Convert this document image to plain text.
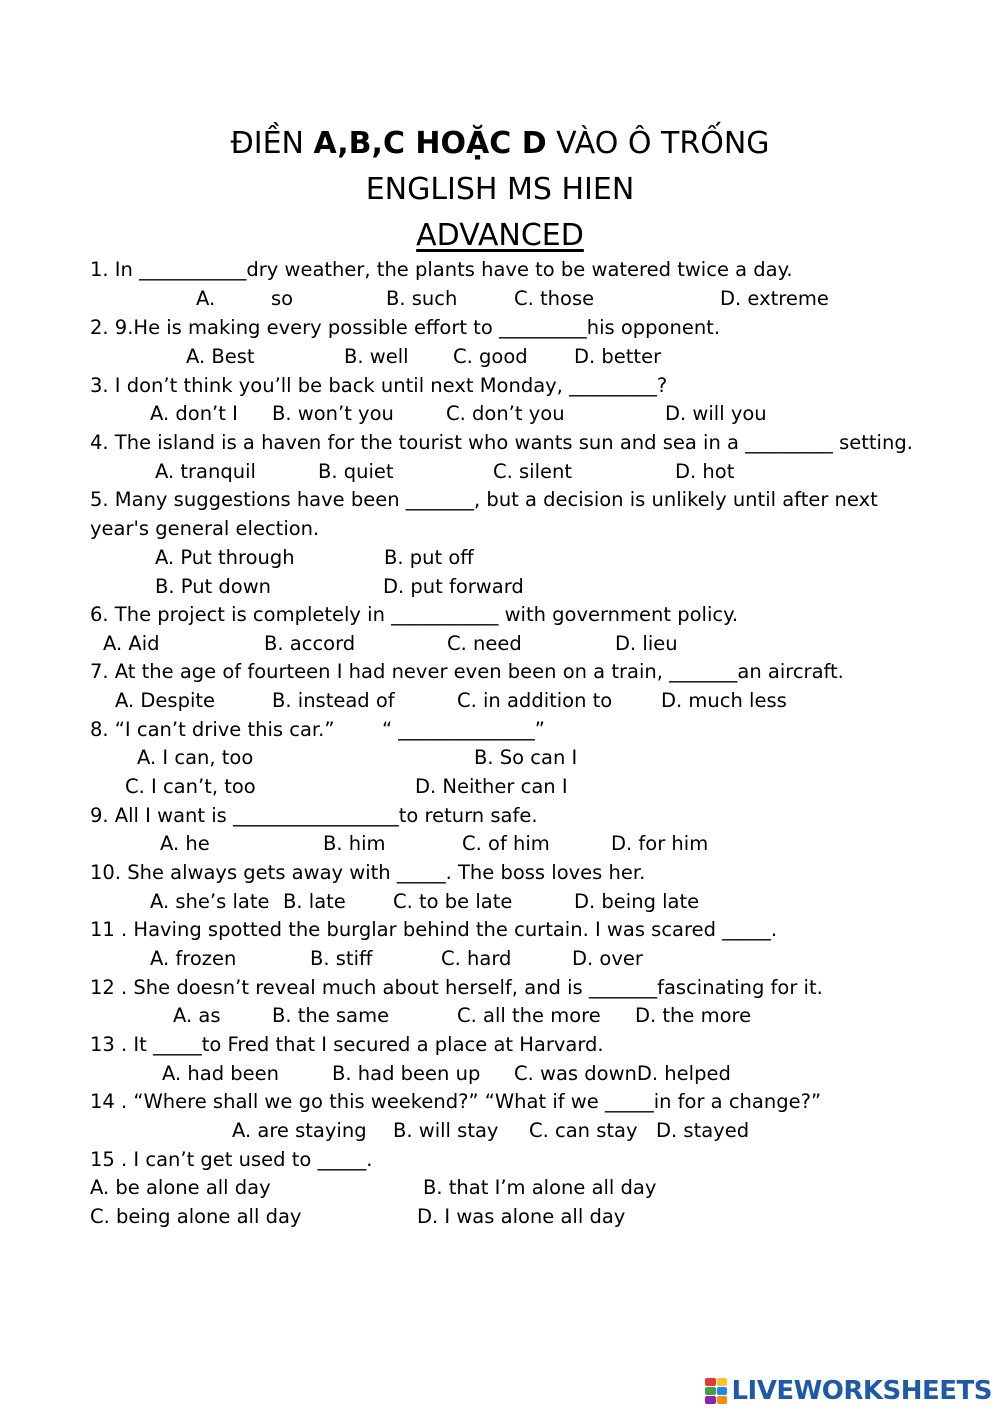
ĐIỀN A,B,C HOẶC D VÀO Ô TRỐNG
ENGLISH MS HIEN
ADVANCED
1. In ___________dry weather, the plants have to be watered twice a day.
A.	so	B. such	C. those	D. extreme
2. 9.He is making every possible effort to _________his opponent.
A. Best	B. well C. good D. better
3. I don’t think you’ll be back until next Monday, _________?
A. don’t I B. won’t you	C. don’t you	D. will you
4. The island is a haven for the tourist who wants sun and sea in a _________ setting.
A. tranquil	B. quiet	C. silent	D. hot
5. Many suggestions have been _______, but a decision is unlikely until after next
year's general election.
A. Put through	B. put off
B. Put down	D. put forward
6. The project is completely in ___________ with government policy.
A. Aid	B. accord	C. need	D. lieu
7. At the age of fourteen I had never even been on a train, _______an aircraft.
A. Despite	B. instead of	C. in addition to	D. much less
8. “I can’t drive this car.” “ ______________”
A. I can, too	B. So can I
C. I can’t, too	D. Neither can I
9. All I want is _________________to return safe.
A. he	B. him	C. of him	D. for him
10. She always gets away with _____. The boss loves her.
A. she’s late B. late C. to be late	D. being late
11 . Having spotted the burglar behind the curtain. I was scared _____.
A. frozen	B. stiff	C. hard	D. over
12 . She doesn’t reveal much about herself, and is _______fascinating for it.
A. as	B. the same	C. all the more D. the more
13 . It _____to Fred that I secured a place at Harvard.
A. had been	B. had been up C. was downD. helped
14 . “Where shall we go this weekend?” “What if we _____in for a change?”
A. are staying B. will stay C. can stay D. stayed
15 . I can’t get used to _____.
A. be alone all day	B. that I’m alone all day
C. being alone all day	D. I was alone all day
LIVEWORKSHEETS
